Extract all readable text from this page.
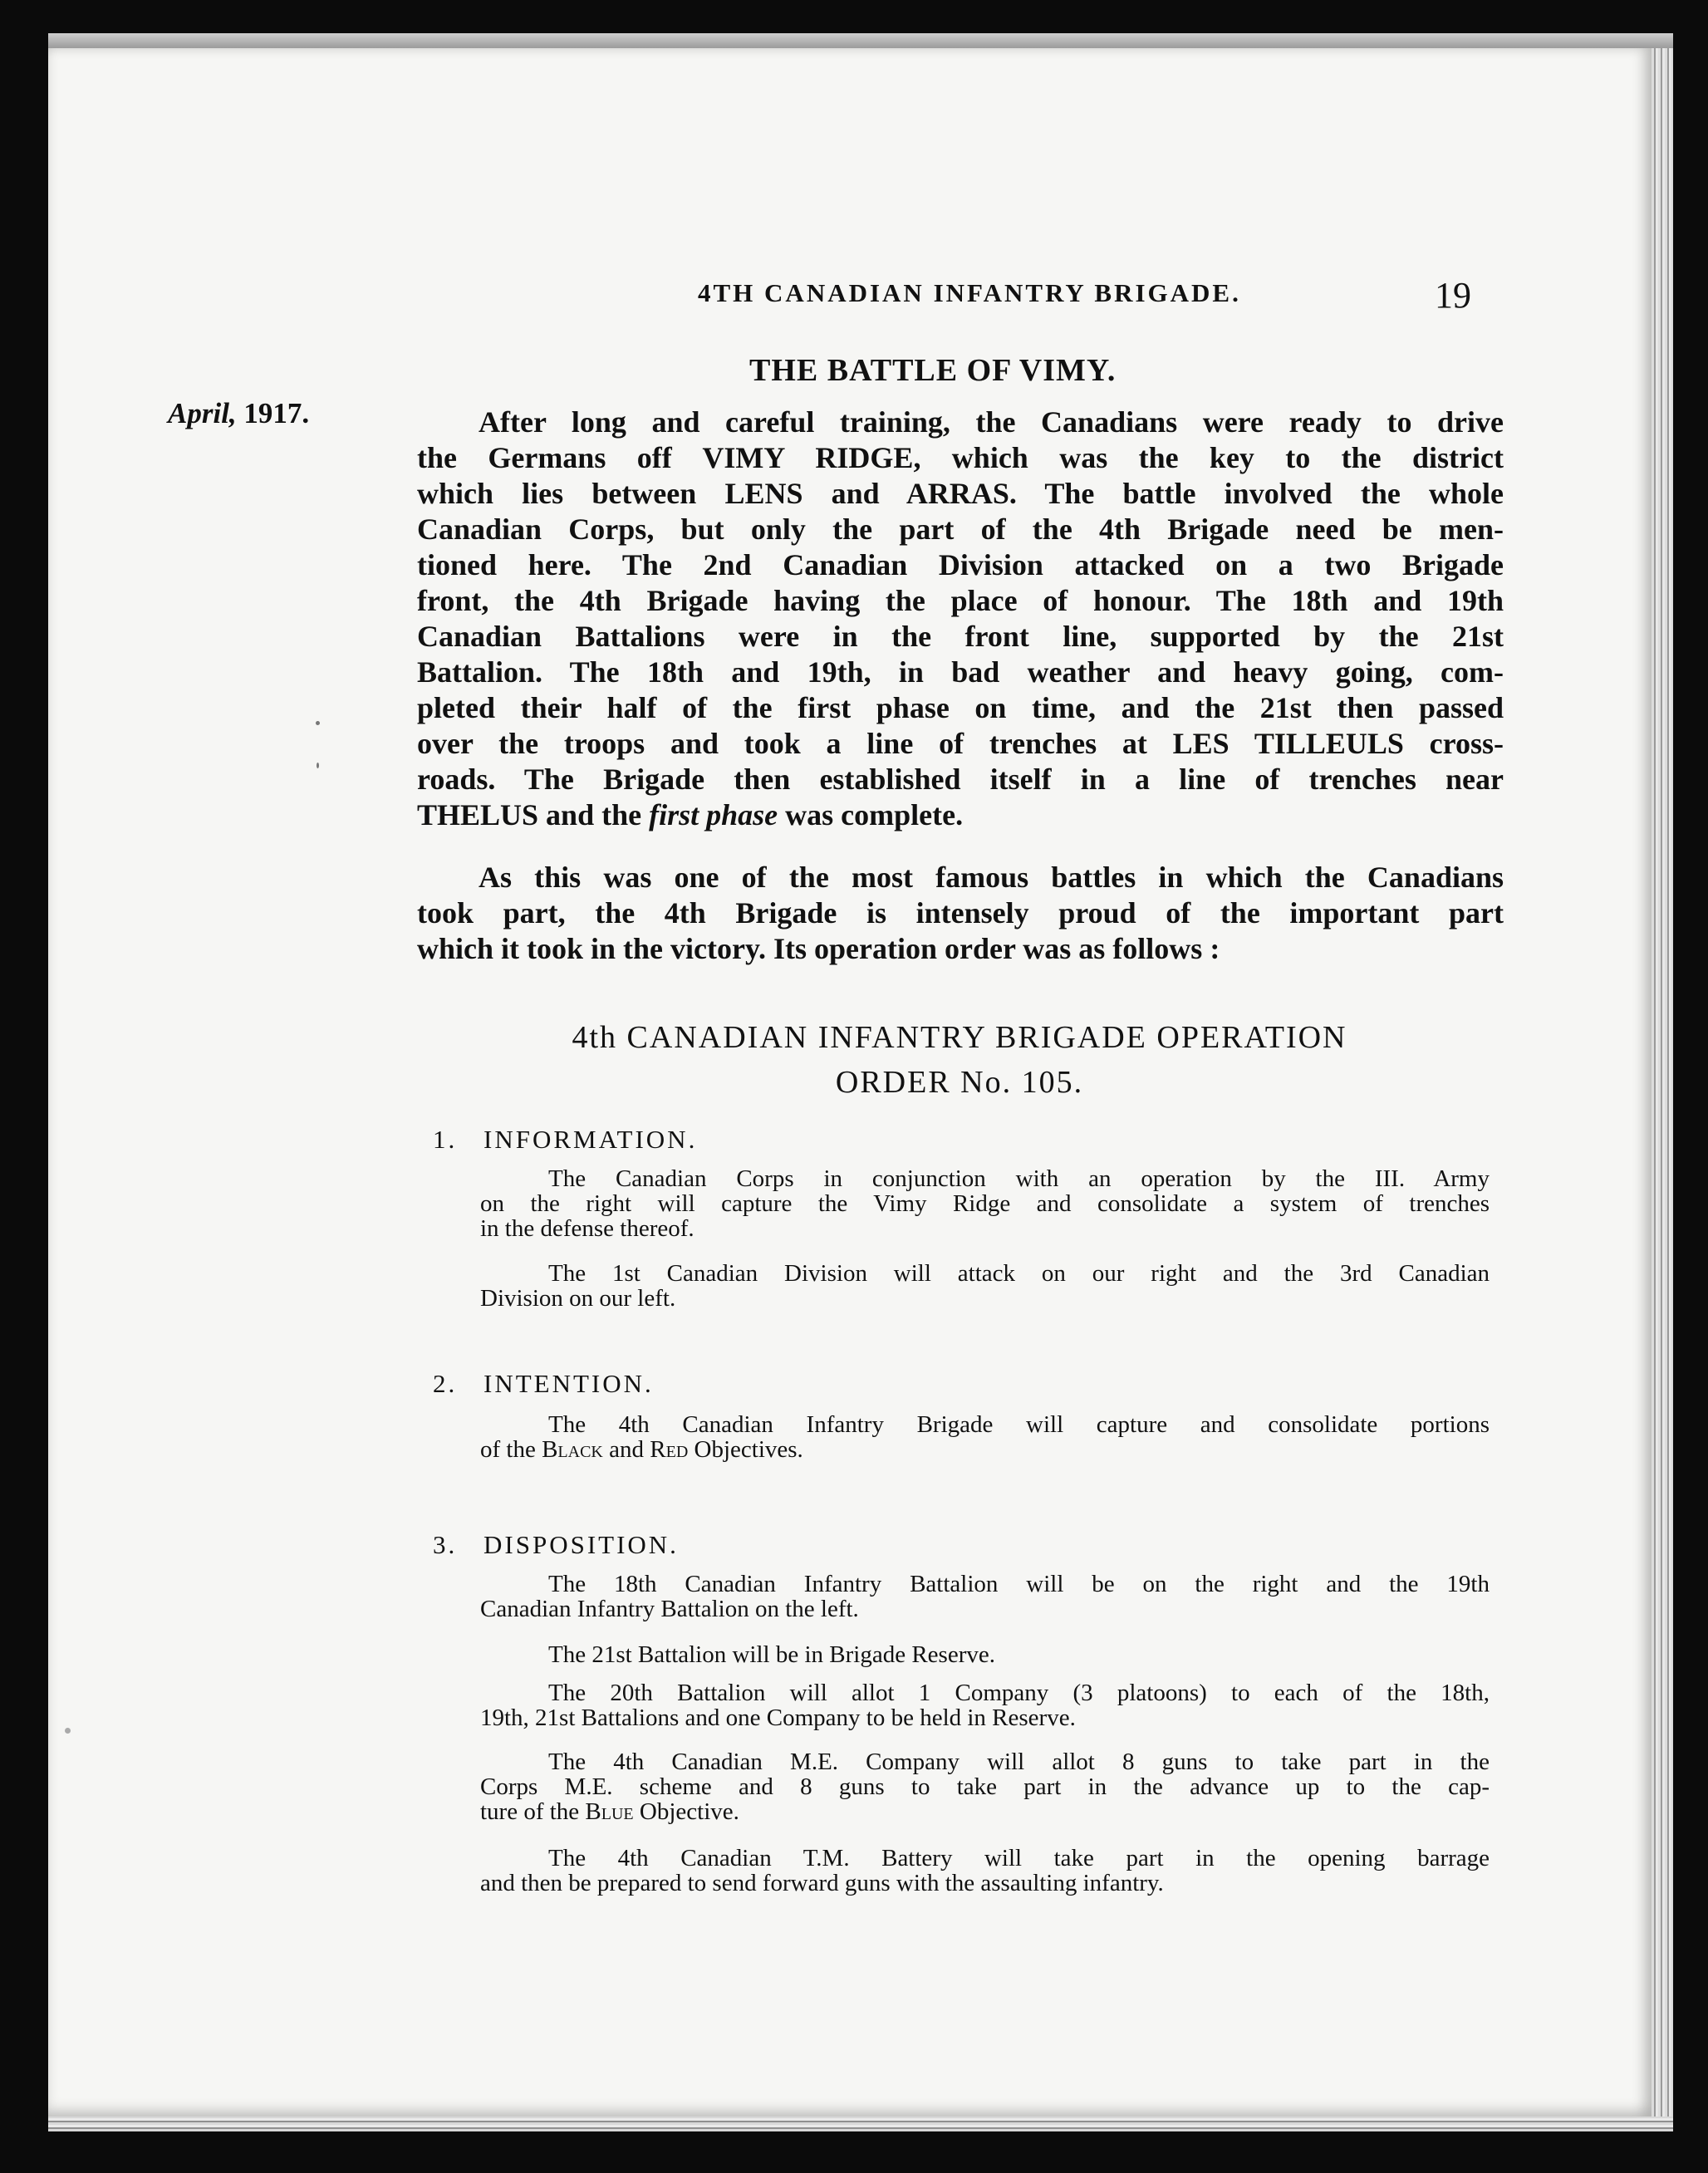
4TH CANADIAN INFANTRY BRIGADE.	19
THE BATTLE OF VIMY.
April, 1917.	After long and careful training, the Canadians were ready to drive
the Germans off VIMY RIDGE, which was the key to the district
which lies between LENS and ARRAS. The battle involved the whole
Canadian Corps, but only the part of the 4th Brigade need be men-
tioned here. The 2nd Canadian Division attacked on a two Brigade
front, the 4th Brigade having the place of honour. The 18th and 19th
Canadian Battalions were in the front line, supported by the 21st
Battalion. The 18th and 19th, in bad weather and heavy going, com-
pleted their half of the first phase on time, and the 21st then passed
over the troops and took a line of trenches at LES TILLEULS cross-
roads. The Brigade then established itself in a line of trenches near
THELUS and the first phase was complete.
As this was one of the most famous battles in which the Canadians
took part, the 4th Brigade is intensely proud of the important part
which it took in the victory. Its operation order was as follows :
4th CANADIAN INFANTRY BRIGADE OPERATION
ORDER No. 105.
1. INFORMATION.
The Canadian Corps in conjunction with an operation by the III. Army
on the right will capture the Vimy Ridge and consolidate a system of trenches
in the defense thereof.
The 1st Canadian Division will attack on our right and the 3rd Canadian
Division on our left.
2. INTENTION.
The 4th Canadian Infantry Brigade will capture and consolidate portions
of the Black and Red Objectives.
3. DISPOSITION.
The 18th Canadian Infantry Battalion will be on the right and the 19th
Canadian Infantry Battalion on the left.
The 21st Battalion will be in Brigade Reserve.
The 20th Battalion will allot 1 Company (3 platoons) to each of the 18th,
19th, 21st Battalions and one Company to be held in Reserve.
The 4th Canadian M.E. Company will allot 8 guns to take part in the
Corps M.E. scheme and 8 guns to take part in the advance up to the cap-
ture of the Blue Objective.
The 4th Canadian T.M. Battery will take part in the opening barrage
and then be prepared to send forward guns with the assaulting infantry.
